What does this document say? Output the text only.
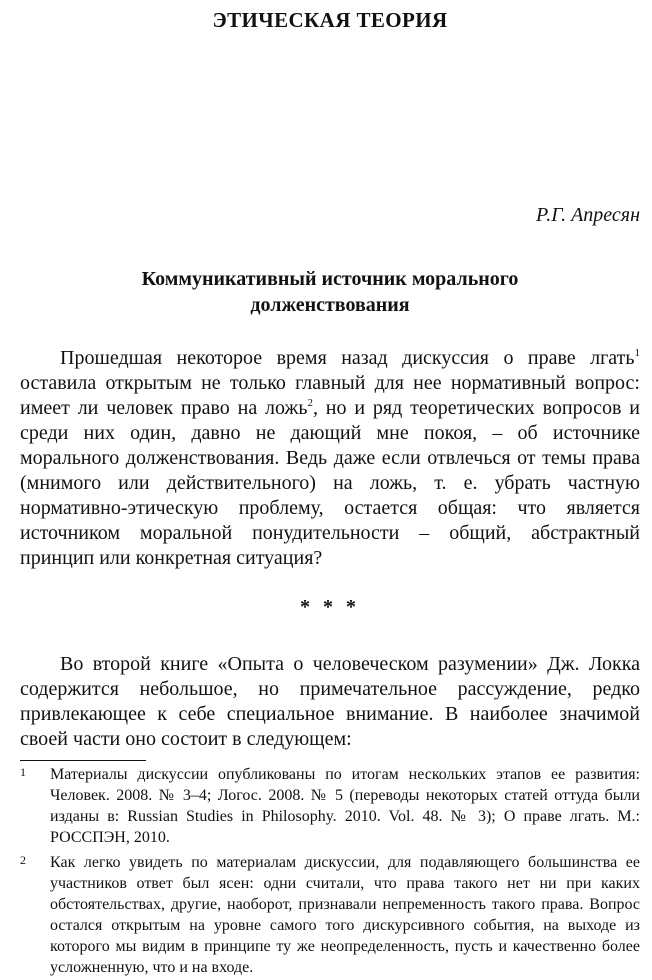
ЭТИЧЕСКАЯ ТЕОРИЯ
Р.Г. Апресян
Коммуникативный источник морального
долженствования

Прошедшая некоторое время назад дискуссия о праве лгать$^1$ оставила открытым не только главный для нее нормативный вопрос: имеет ли человек право на ложь$^2$, но и ряд теоретических вопросов и среди них один, давно не дающий мне покоя, – об источнике морального долженствования. Ведь даже если отвлечься от темы права (мнимого или действительного) на ложь, т. е. убрать частную нормативно-этическую проблему, остается общая: что является источником моральной понудительности – общий, абстрактный принцип или конкретная ситуация?

* * *

Во второй книге «Опыта о человеческом разумении» Дж. Локка содержится небольшое, но примечательное рассуждение, редко привлекающее к себе специальное внимание. В наиболее значимой своей части оно состоит в следующем:

1 Материалы дискуссии опубликованы по итогам нескольких этапов ее развития: Человек. 2008. № 3–4; Логос. 2008. № 5 (переводы некоторых статей оттуда были изданы в: Russian Studies in Philosophy. 2010. Vol. 48. № 3); О праве лгать. М.: РОССПЭН, 2010.

2 Как легко увидеть по материалам дискуссии, для подавляющего большинства ее участников ответ был ясен: одни считали, что права такого нет ни при каких обстоятельствах, другие, наоборот, признавали непременность такого права. Вопрос остался открытым на уровне самого того дискурсивного события, на выходе из которого мы видим в принципе ту же неопределенность, пусть и качественно более усложненную, что и на входе.
